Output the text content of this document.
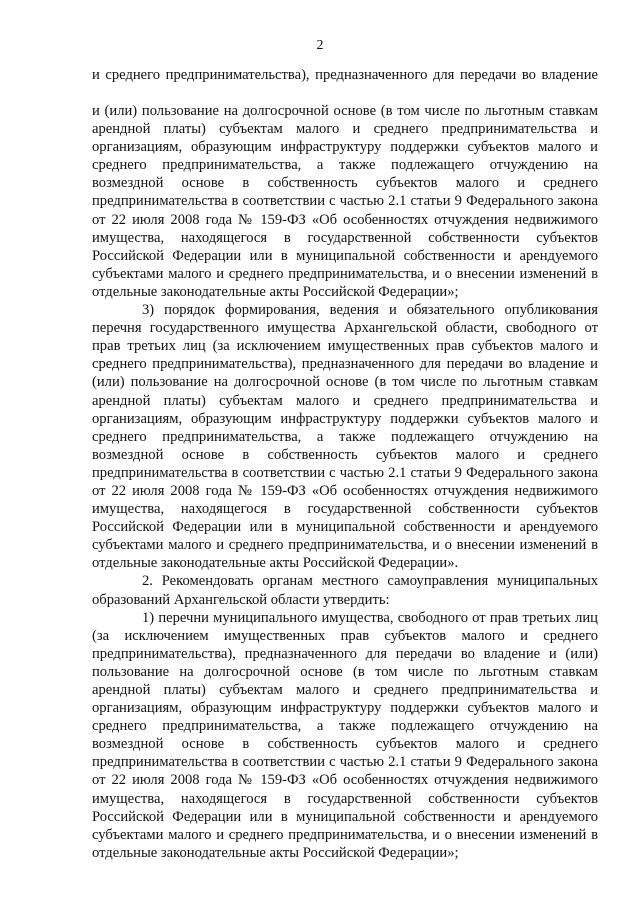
2
и среднего предпринимательства), предназначенного для передачи во владение

и (или) пользование на долгосрочной основе (в том числе по льготным ставкам арендной платы) субъектам малого и среднего предпринимательства и организациям, образующим инфраструктуру поддержки субъектов малого и среднего предпринимательства, а также подлежащего отчуждению на возмездной основе в собственность субъектов малого и среднего предпринимательства в соответствии с частью 2.1 статьи 9 Федерального закона от 22 июля 2008 года № 159-ФЗ «Об особенностях отчуждения недвижимого имущества, находящегося в государственной собственности субъектов Российской Федерации или в муниципальной собственности и арендуемого субъектами малого и среднего предпринимательства, и о внесении изменений в отдельные законодательные акты Российской Федерации»;

3) порядок формирования, ведения и обязательного опубликования перечня государственного имущества Архангельской области, свободного от прав третьих лиц (за исключением имущественных прав субъектов малого и среднего предпринимательства), предназначенного для передачи во владение и (или) пользование на долгосрочной основе (в том числе по льготным ставкам арендной платы) субъектам малого и среднего предпринимательства и организациям, образующим инфраструктуру поддержки субъектов малого и среднего предпринимательства, а также подлежащего отчуждению на возмездной основе в собственность субъектов малого и среднего предпринимательства в соответствии с частью 2.1 статьи 9 Федерального закона от 22 июля 2008 года № 159-ФЗ «Об особенностях отчуждения недвижимого имущества, находящегося в государственной собственности субъектов Российской Федерации или в муниципальной собственности и арендуемого субъектами малого и среднего предпринимательства, и о внесении изменений в отдельные законодательные акты Российской Федерации».

2. Рекомендовать органам местного самоуправления муниципальных образований Архангельской области утвердить:

1) перечни муниципального имущества, свободного от прав третьих лиц (за исключением имущественных прав субъектов малого и среднего предпринимательства), предназначенного для передачи во владение и (или) пользование на долгосрочной основе (в том числе по льготным ставкам арендной платы) субъектам малого и среднего предпринимательства и организациям, образующим инфраструктуру поддержки субъектов малого и среднего предпринимательства, а также подлежащего отчуждению на возмездной основе в собственность субъектов малого и среднего предпринимательства в соответствии с частью 2.1 статьи 9 Федерального закона от 22 июля 2008 года № 159-ФЗ «Об особенностях отчуждения недвижимого имущества, находящегося в государственной собственности субъектов Российской Федерации или в муниципальной собственности и арендуемого субъектами малого и среднего предпринимательства, и о внесении изменений в отдельные законодательные акты Российской Федерации»;
